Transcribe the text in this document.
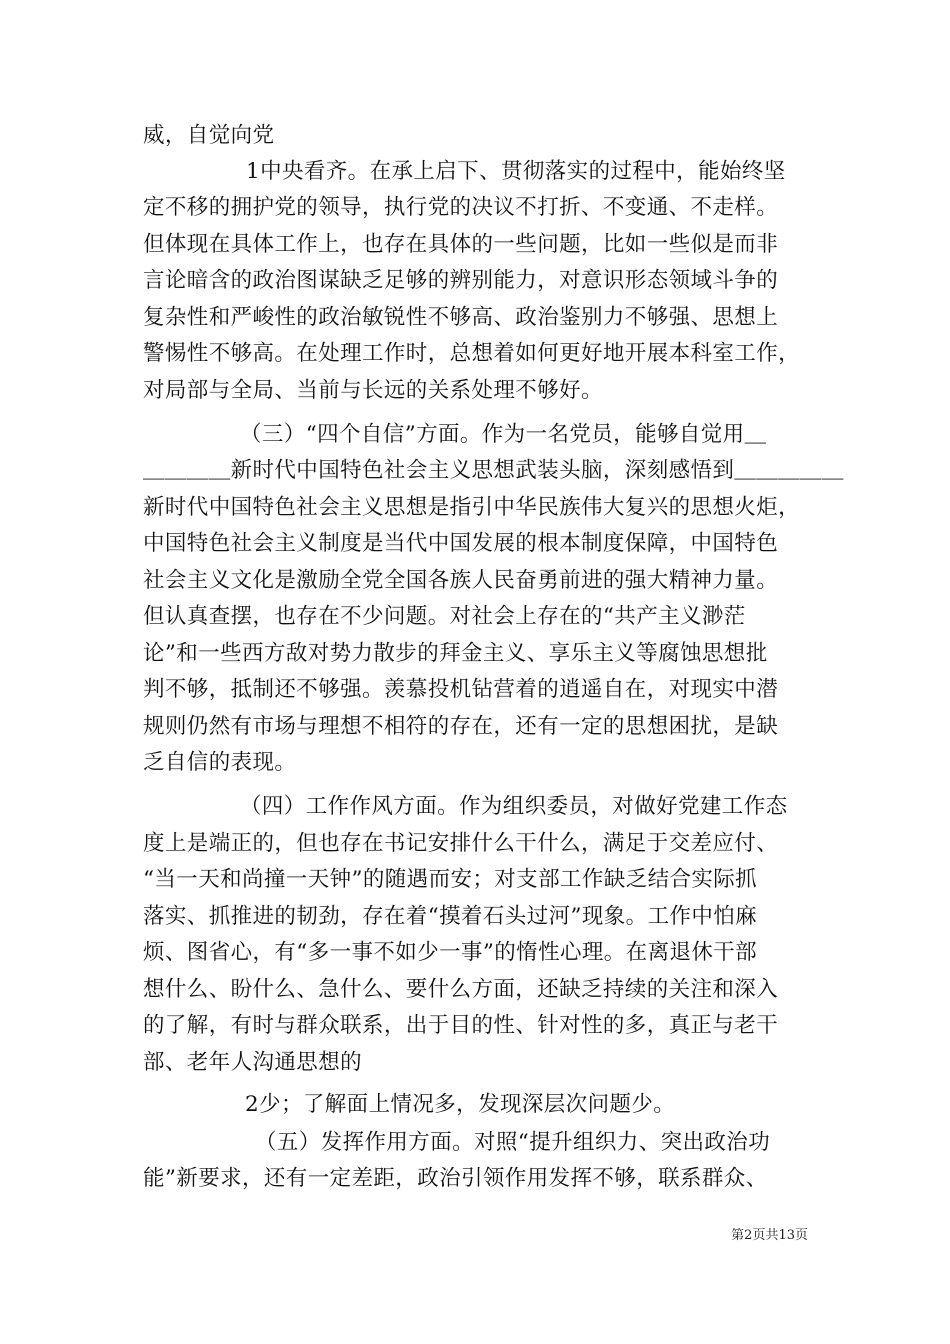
威，自觉向党
1中央看齐。在承上启下、贯彻落实的过程中，能始终坚
定不移的拥护党的领导，执行党的决议不打折、不变通、不走样。
但体现在具体工作上，也存在具体的一些问题，比如一些似是而非
言论暗含的政治图谋缺乏足够的辨别能力，对意识形态领域斗争的
复杂性和严峻性的政治敏锐性不够高、政治鉴别力不够强、思想上
警惕性不够高。在处理工作时，总想着如何更好地开展本科室工作，
对局部与全局、当前与长远的关系处理不够好。
（三）“四个自信”方面。作为一名党员，能够自觉用＿
＿＿＿＿新时代中国特色社会主义思想武装头脑，深刻感悟到＿＿＿＿＿
新时代中国特色社会主义思想是指引中华民族伟大复兴的思想火炬，
中国特色社会主义制度是当代中国发展的根本制度保障，中国特色
社会主义文化是激励全党全国各族人民奋勇前进的强大精神力量。
但认真查摆，也存在不少问题。对社会上存在的“共产主义渺茫
论”和一些西方敌对势力散步的拜金主义、享乐主义等腐蚀思想批
判不够，抵制还不够强。羡慕投机钻营着的逍遥自在，对现实中潜
规则仍然有市场与理想不相符的存在，还有一定的思想困扰，是缺
乏自信的表现。
（四）工作作风方面。作为组织委员，对做好党建工作态
度上是端正的，但也存在书记安排什么干什么，满足于交差应付、
“当一天和尚撞一天钟”的随遇而安；对支部工作缺乏结合实际抓
落实、抓推进的韧劲，存在着“摸着石头过河”现象。工作中怕麻
烦、图省心，有“多一事不如少一事”的惰性心理。在离退休干部
想什么、盼什么、急什么、要什么方面，还缺乏持续的关注和深入
的了解，有时与群众联系，出于目的性、针对性的多，真正与老干
部、老年人沟通思想的
2少；了解面上情况多，发现深层次问题少。
（五）发挥作用方面。对照“提升组织力、突出政治功
能”新要求，还有一定差距，政治引领作用发挥不够，联系群众、
第2页共13页
